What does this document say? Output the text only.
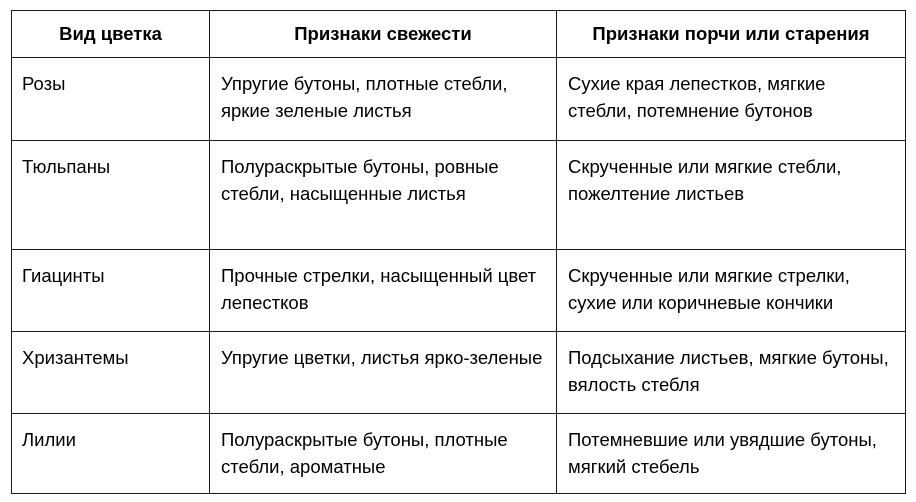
Вид цветка	Признаки свежести	Признаки порчи или старения
Розы	Упругие бутоны, плотные стебли, яркие зеленые листья	Сухие края лепестков, мягкие стебли, потемнение бутонов
Тюльпаны	Полураскрытые бутоны, ровные стебли, насыщенные листья	Скрученные или мягкие стебли, пожелтение листьев
Гиацинты	Прочные стрелки, насыщенный цвет лепестков	Скрученные или мягкие стрелки, сухие или коричневые кончики
Хризантемы	Упругие цветки, листья ярко-зеленые	Подсыхание листьев, мягкие бутоны, вялость стебля
Лилии	Полураскрытые бутоны, плотные стебли, ароматные	Потемневшие или увядшие бутоны, мягкий стебель
